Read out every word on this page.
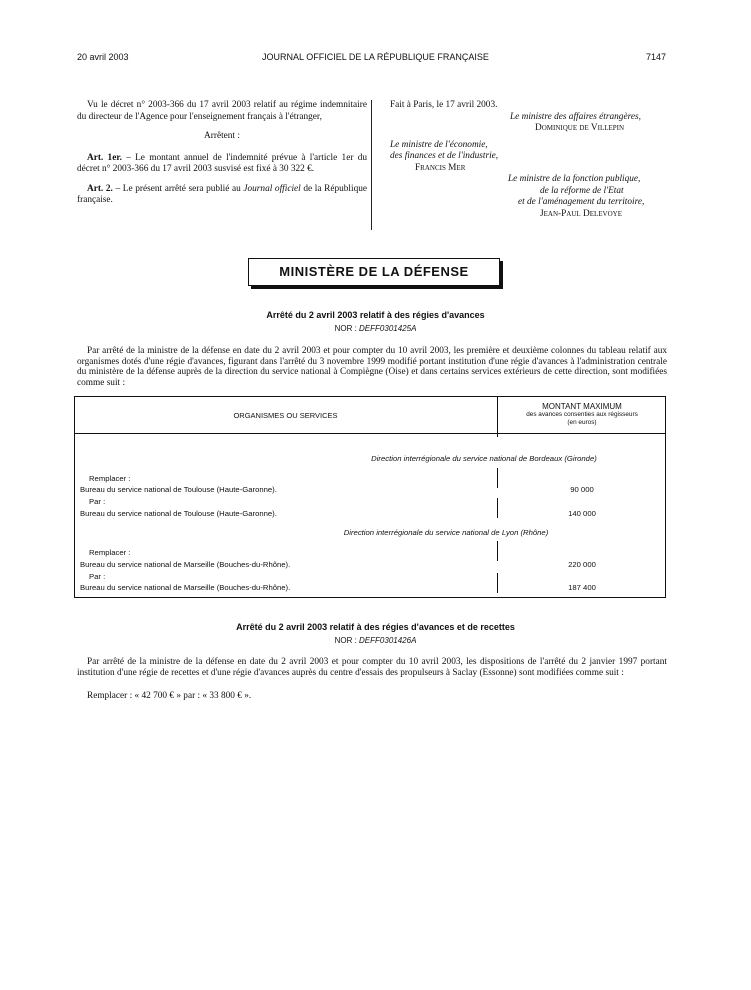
20 avril 2003	JOURNAL OFFICIEL DE LA RÉPUBLIQUE FRANÇAISE	7147

Vu le décret n° 2003-366 du 17 avril 2003 relatif au régime indemnitaire du directeur de l'Agence pour l'enseignement français à l'étranger,

Arrêtent :

Art. 1er. – Le montant annuel de l'indemnité prévue à l'article 1er du décret n° 2003-366 du 17 avril 2003 susvisé est fixé à 30 322 €.

Art. 2. – Le présent arrêté sera publié au Journal officiel de la République française.

Fait à Paris, le 17 avril 2003.
Le ministre des affaires étrangères,
Dominique de Villepin
Le ministre de l'économie,
des finances et de l'industrie,
Francis Mer
Le ministre de la fonction publique,
de la réforme de l'Etat
et de l'aménagement du territoire,
Jean-Paul Delevoye
MINISTÈRE DE LA DÉFENSE
Arrêté du 2 avril 2003 relatif à des régies d'avances
NOR : DEFF0301425A
Par arrêté de la ministre de la défense en date du 2 avril 2003 et pour compter du 10 avril 2003, les première et deuxième colonnes du tableau relatif aux organismes dotés d'une régie d'avances, figurant dans l'arrêté du 3 novembre 1999 modifié portant institution d'une régie d'avances à l'administration centrale du ministère de la défense auprès de la direction du service national à Compiègne (Oise) et dans certains services extérieurs de cette direction, sont modifiées comme suit :
ORGANISMES OU SERVICES
MONTANT MAXIMUM
des avances consenties aux régisseurs
(en euros)
Direction interrégionale du service national de Bordeaux (Gironde)
Remplacer :
Bureau du service national de Toulouse (Haute-Garonne).	90 000
Par :
Bureau du service national de Toulouse (Haute-Garonne).	140 000
Direction interrégionale du service national de Lyon (Rhône)
Remplacer :
Bureau du service national de Marseille (Bouches-du-Rhône).	220 000
Par :
Bureau du service national de Marseille (Bouches-du-Rhône).	187 400
Arrêté du 2 avril 2003 relatif à des régies d'avances et de recettes
NOR : DEFF0301426A
Par arrêté de la ministre de la défense en date du 2 avril 2003 et pour compter du 10 avril 2003, les dispositions de l'arrêté du 2 janvier 1997 portant institution d'une régie de recettes et d'une régie d'avances auprès du centre d'essais des propulseurs à Saclay (Essonne) sont modifiées comme suit :
Remplacer : « 42 700 € » par : « 33 800 € ».
